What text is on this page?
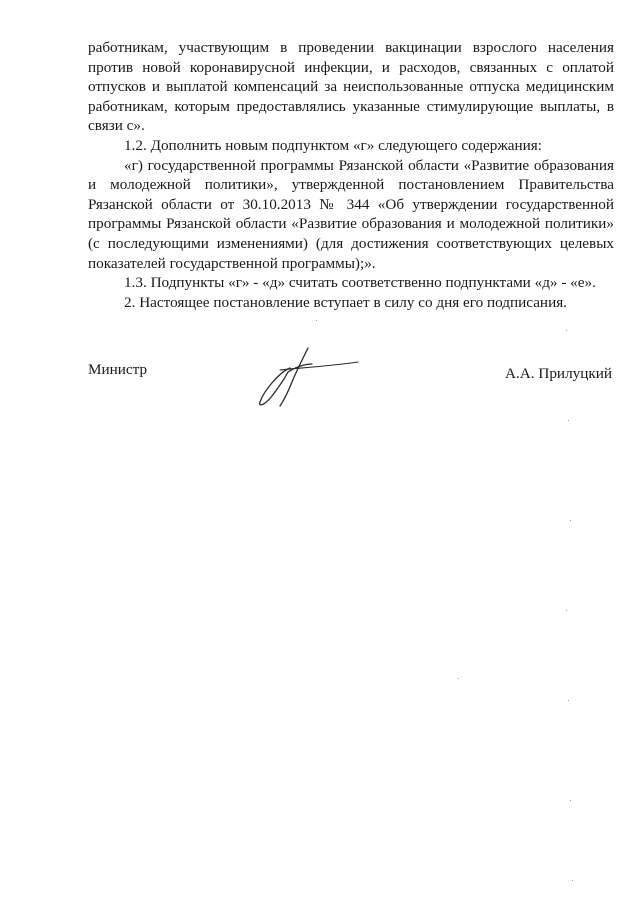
работникам, участвующим в проведении вакцинации взрослого населения против новой коронавирусной инфекции, и расходов, связанных с оплатой отпусков и выплатой компенсаций за неиспользованные отпуска медицинским работникам, которым предоставлялись указанные стимулирующие выплаты, в связи с».

1.2. Дополнить новым подпунктом «г» следующего содержания:

«г) государственной программы Рязанской области «Развитие образования и молодежной политики», утвержденной постановлением Правительства Рязанской области от 30.10.2013 № 344 «Об утверждении государственной программы Рязанской области «Развитие образования и молодежной политики» (с последующими изменениями) (для достижения соответствующих целевых показателей государственной программы);».

1.3. Подпункты «г» - «д» считать соответственно подпунктами «д» - «е».

2. Настоящее постановление вступает в силу со дня его подписания.

Министр	А.А. Прилуцкий
